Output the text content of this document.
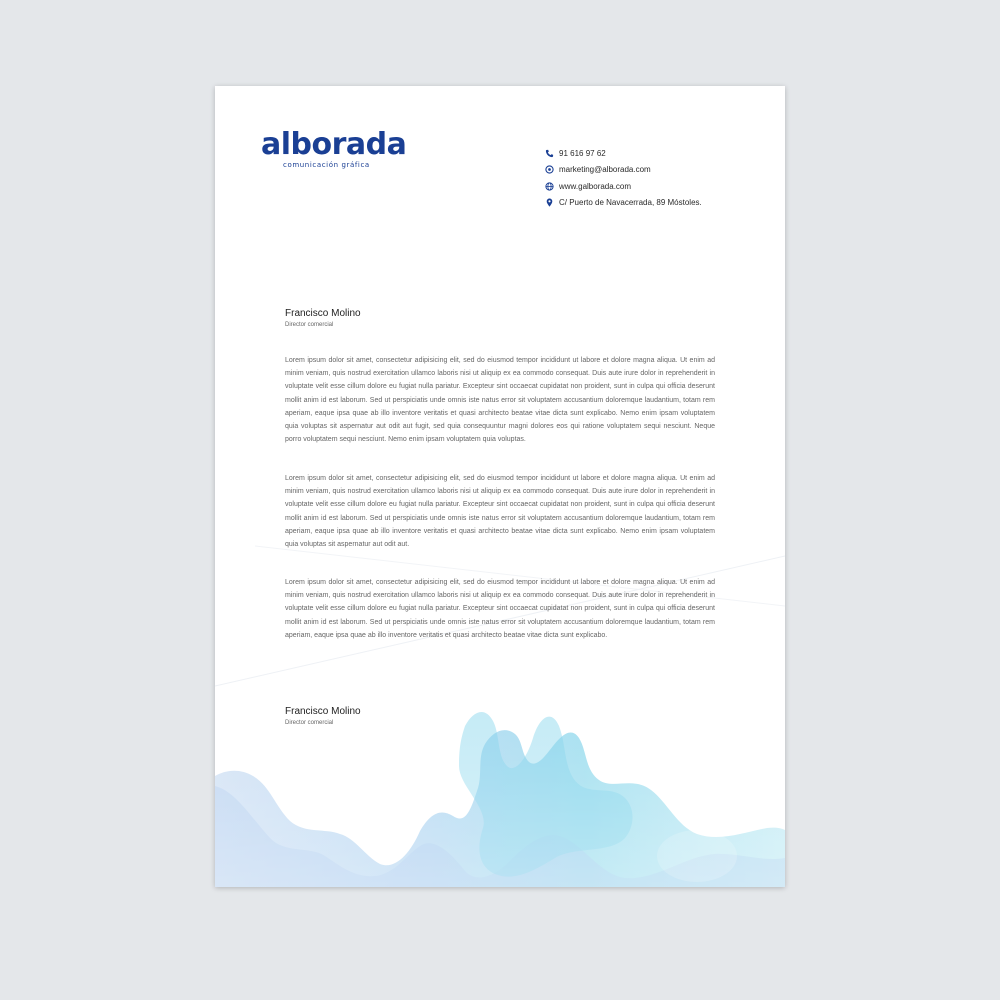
alborada
comunicación gráfica
91 616 97 62
marketing@alborada.com
www.galborada.com
C/ Puerto de Navacerrada, 89 Móstoles.
Francisco Molino
Director comercial

Lorem ipsum dolor sit amet, consectetur adipisicing elit, sed do eiusmod tempor incididunt ut labore et dolore magna aliqua. Ut enim ad minim veniam, quis nostrud exercitation ullamco laboris nisi ut aliquip ex ea commodo consequat. Duis aute irure dolor in reprehenderit in voluptate velit esse cillum dolore eu fugiat nulla pariatur. Excepteur sint occaecat cupidatat non proident, sunt in culpa qui officia deserunt mollit anim id est laborum. Sed ut perspiciatis unde omnis iste natus error sit voluptatem accusantium doloremque laudantium, totam rem aperiam, eaque ipsa quae ab illo inventore veritatis et quasi architecto beatae vitae dicta sunt explicabo. Nemo enim ipsam voluptatem quia voluptas sit aspernatur aut odit aut fugit, sed quia consequuntur magni dolores eos qui ratione voluptatem sequi nesciunt. Neque porro voluptatem sequi nesciunt. Nemo enim ipsam voluptatem quia voluptas.

Lorem ipsum dolor sit amet, consectetur adipisicing elit, sed do eiusmod tempor incididunt ut labore et dolore magna aliqua. Ut enim ad minim veniam, quis nostrud exercitation ullamco laboris nisi ut aliquip ex ea commodo consequat. Duis aute irure dolor in reprehenderit in voluptate velit esse cillum dolore eu fugiat nulla pariatur. Excepteur sint occaecat cupidatat non proident, sunt in culpa qui officia deserunt mollit anim id est laborum. Sed ut perspiciatis unde omnis iste natus error sit voluptatem accusantium doloremque laudantium, totam rem aperiam, eaque ipsa quae ab illo inventore veritatis et quasi architecto beatae vitae dicta sunt explicabo. Nemo enim ipsam voluptatem quia voluptas sit aspernatur aut odit aut.

Lorem ipsum dolor sit amet, consectetur adipisicing elit, sed do eiusmod tempor incididunt ut labore et dolore magna aliqua. Ut enim ad minim veniam, quis nostrud exercitation ullamco laboris nisi ut aliquip ex ea commodo consequat. Duis aute irure dolor in reprehenderit in voluptate velit esse cillum dolore eu fugiat nulla pariatur. Excepteur sint occaecat cupidatat non proident, sunt in culpa qui officia deserunt mollit anim id est laborum. Sed ut perspiciatis unde omnis iste natus error sit voluptatem accusantium doloremque laudantium, totam rem aperiam, eaque ipsa quae ab illo inventore veritatis et quasi architecto beatae vitae dicta sunt explicabo.

Francisco Molino
Director comercial
